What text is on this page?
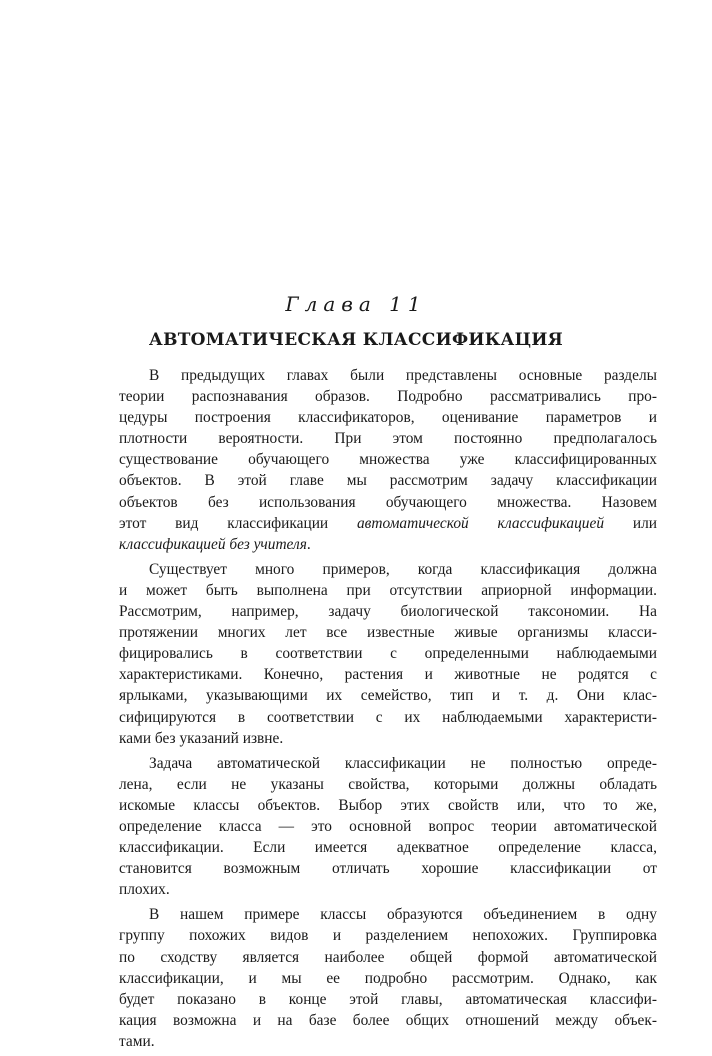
Глава 11
АВТОМАТИЧЕСКАЯ КЛАССИФИКАЦИЯ
В предыдущих главах были представлены основные разделы
теории распознавания образов. Подробно рассматривались про-
цедуры построения классификаторов, оценивание параметров и
плотности вероятности. При этом постоянно предполагалось
существование обучающего множества уже классифицированных
объектов. В этой главе мы рассмотрим задачу классификации
объектов без использования обучающего множества. Назовем
этот вид классификации автоматической классификацией или
классификацией без учителя.
Существует много примеров, когда классификация должна
и может быть выполнена при отсутствии априорной информации.
Рассмотрим, например, задачу биологической таксономии. На
протяжении многих лет все известные живые организмы класси-
фицировались в соответствии с определенными наблюдаемыми
характеристиками. Конечно, растения и животные не родятся с
ярлыками, указывающими их семейство, тип и т. д. Они клас-
сифицируются в соответствии с их наблюдаемыми характеристи-
ками без указаний извне.
Задача автоматической классификации не полностью опреде-
лена, если не указаны свойства, которыми должны обладать
искомые классы объектов. Выбор этих свойств или, что то же,
определение класса — это основной вопрос теории автоматической
классификации. Если имеется адекватное определение класса,
становится возможным отличать хорошие классификации от
плохих.
В нашем примере классы образуются объединением в одну
группу похожих видов и разделением непохожих. Группировка
по сходству является наиболее общей формой автоматической
классификации, и мы ее подробно рассмотрим. Однако, как
будет показано в конце этой главы, автоматическая классифи-
кация возможна и на базе более общих отношений между объек-
тами.
